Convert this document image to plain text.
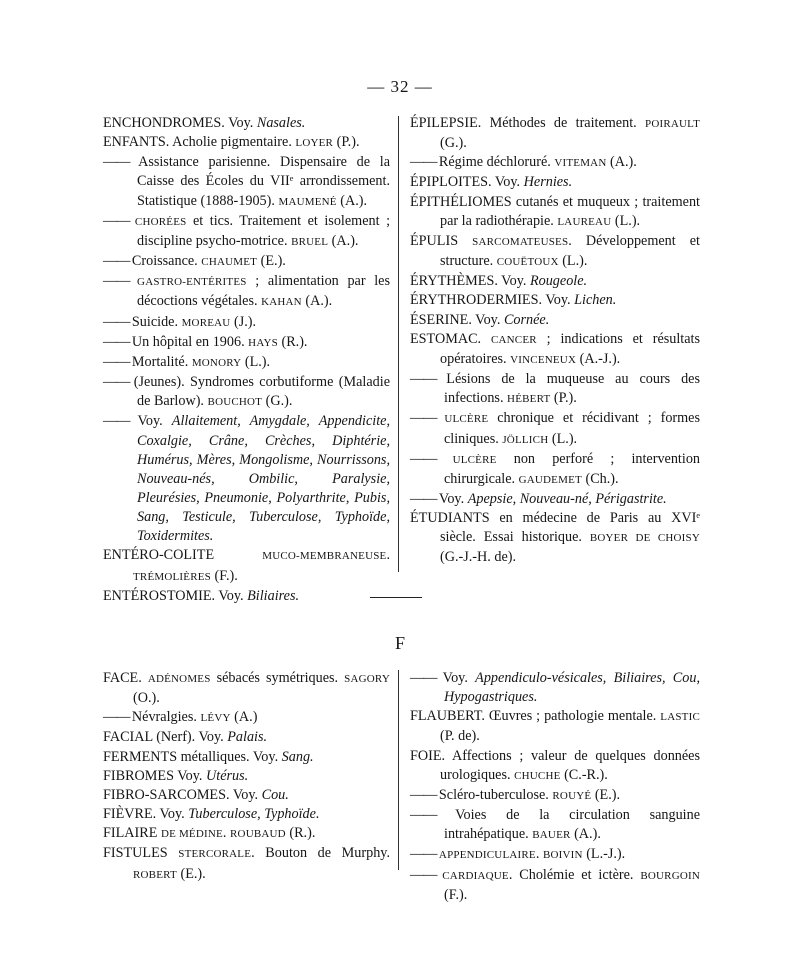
— 32 —
ENCHONDROMES. Voy. Nasales.
ENFANTS. Acholie pigmentaire. LOYER (P.).
—— Assistance parisienne. Dispensaire de la Caisse des Écoles du VIIᵉ arrondissement. Statistique (1888-1905). MAUMENÉ (A.).
—— CHORÉES et tics. Traitement et isolement ; discipline psycho-motrice. BRUEL (A.).
—— Croissance. CHAUMET (E.).
—— GASTRO-ENTÉRITES ; alimentation par les décoctions végétales. KAHAN (A.).
—— Suicide. MOREAU (J.).
—— Un hôpital en 1906. HAYS (R.).
—— Mortalité. MONORY (L.).
—— (Jeunes). Syndromes corbutiforme (Maladie de Barlow). BOUCHOT (G.).
—— Voy. Allaitement, Amygdale, Appendicite, Coxalgie, Crâne, Crèches, Diphtérie, Humérus, Mères, Mongolisme, Nourrissons, Nouveau-nés, Ombilic, Paralysie, Pleurésies, Pneumonie, Polyarthrite, Pubis, Sang, Testicule, Tuberculose, Typhoïde, Toxidermites.
ENTÉRO-COLITE MUCO-MEMBRANEUSE. TRÉMOLIÈRES (F.).
ENTÉROSTOMIE. Voy. Biliaires.
ÉPILEPSIE. Méthodes de traitement. POIRAULT (G.).
—— Régime déchloruré. VITEMAN (A.).
ÉPIPLOITES. Voy. Hernies.
ÉPITHÉLIOMES cutanés et muqueux ; traitement par la radiothérapie. LAUREAU (L.).
ÉPULIS SARCOMATEUSES. Développement et structure. COUËTOUX (L.).
ÉRYTHÈMES. Voy. Rougeole.
ÉRYTHRODERMIES. Voy. Lichen.
ÉSERINE. Voy. Cornée.
ESTOMAC. CANCER ; indications et résultats opératoires. VINCENEUX (A.-J.).
—— Lésions de la muqueuse au cours des infections. HÉBERT (P.).
—— ULCÈRE chronique et récidivant ; formes cliniques. JÖLLICH (L.).
—— ULCÈRE non perforé ; intervention chirurgicale. GAUDEMET (Ch.).
—— Voy. Apepsie, Nouveau-né, Périgastrite.
ÉTUDIANTS en médecine de Paris au XVIᵉ siècle. Essai historique. BOYER DE CHOISY (G.-J.-H. de).
F
FACE. ADÉNOMES sébacés symétriques. SAGORY (O.).
—— Névralgies. LÉVY (A.)
FACIAL (Nerf). Voy. Palais.
FERMENTS métalliques. Voy. Sang.
FIBROMES Voy. Utérus.
FIBRO-SARCOMES. Voy. Cou.
FIÈVRE. Voy. Tuberculose, Typhoïde.
FILAIRE DE MÉDINE. ROUBAUD (R.).
FISTULES STERCORALE. Bouton de Murphy. ROBERT (E.).
—— Voy. Appendiculo-vésicales, Biliaires, Cou, Hypogastriques.
FLAUBERT. Œuvres ; pathologie mentale. LASTIC (P. de).
FOIE. Affections ; valeur de quelques données urologiques. CHUCHE (C.-R.).
—— Scléro-tuberculose. ROUYÉ (E.).
—— Voies de la circulation sanguine intrahépatique. BAUER (A.).
—— APPENDICULAIRE. BOIVIN (L.-J.).
—— CARDIAQUE. Cholémie et ictère. BOURGOIN (F.).
